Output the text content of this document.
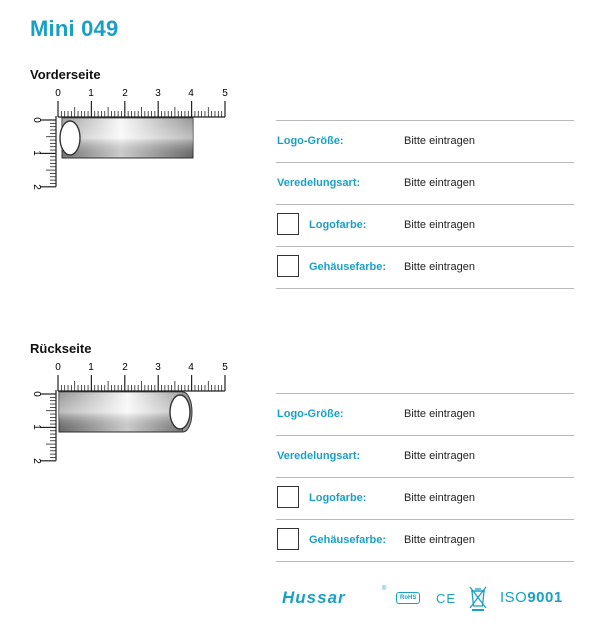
Mini 049
Vorderseite
0	1	2	3	4	5
0
1
2
Logo-Größe:	Bitte eintragen
Veredelungsart:	Bitte eintragen
Logofarbe:	Bitte eintragen
Gehäusefarbe: Bitte eintragen
Rückseite
0	1	2	3	4	5
0
1
2
Logo-Größe:	Bitte eintragen
Veredelungsart:	Bitte eintragen
Logofarbe:	Bitte eintragen
Gehäusefarbe: Bitte eintragen
Hussar	®
RoHS	CE	ISO9001
